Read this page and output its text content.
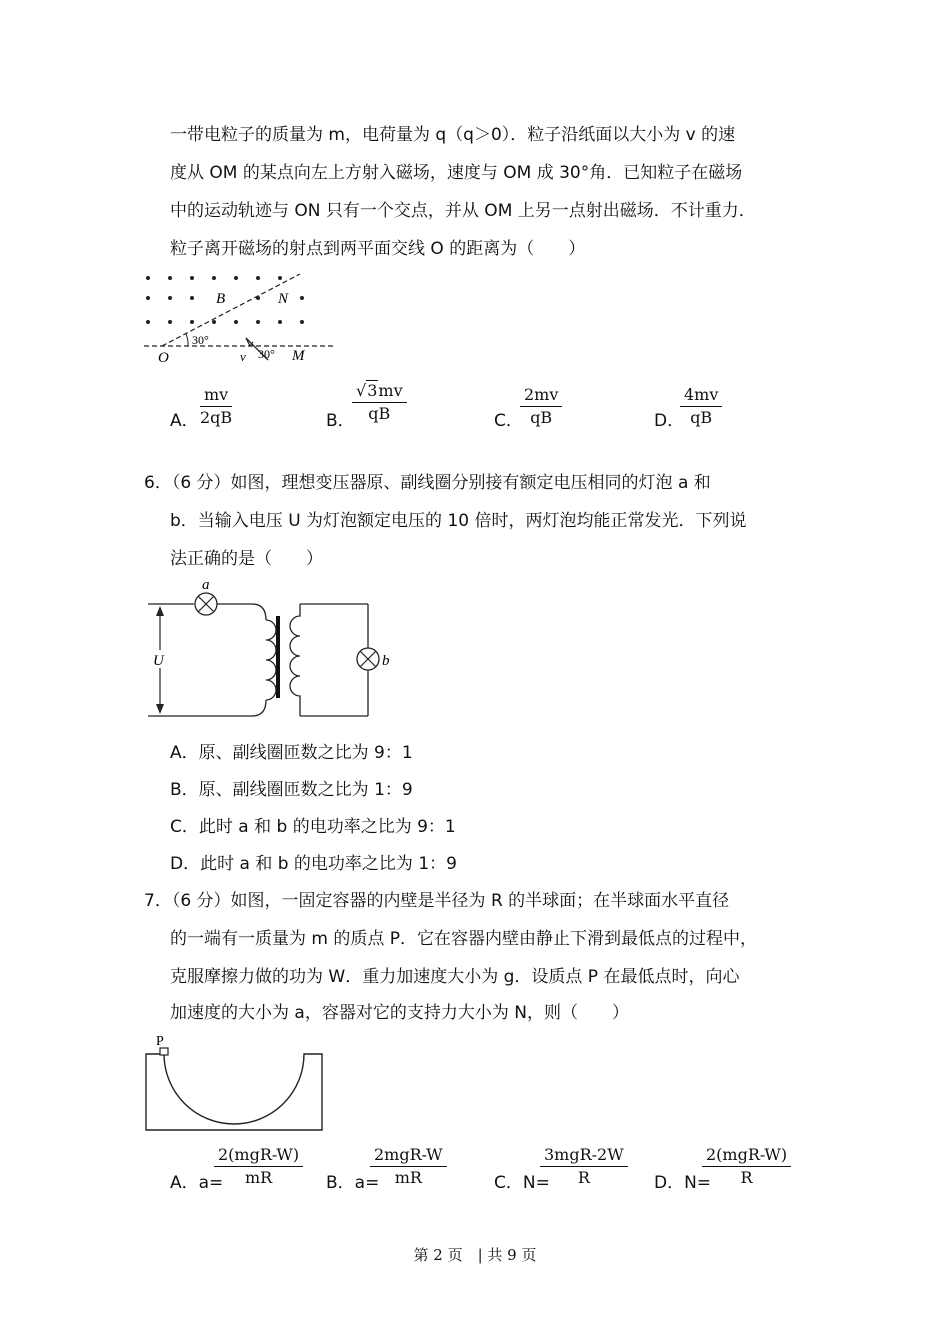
一带电粒子的质量为 m，电荷量为 q（q＞0）．粒子沿纸面以大小为 v 的速
度从 OM 的某点向左上方射入磁场，速度与 OM 成 30°角．已知粒子在磁场
中的运动轨迹与 ON 只有一个交点，并从 OM 上另一点射出磁场．不计重力．
粒子离开磁场的射点到两平面交线 O 的距离为（　　）
B	N
O	M
v
30°
30°
A．
$\frac{mv}{2qB}$	B．
$\frac{√3mv}{qB}$	C．
$\frac{2mv}{qB}$	D．
$\frac{4mv}{qB}$
6．（6 分）如图，理想变压器原、副线圈分别接有额定电压相同的灯泡 a 和
b．当输入电压 U 为灯泡额定电压的 10 倍时，两灯泡均能正常发光．下列说
法正确的是（　　）
a
b
U
A．原、副线圈匝数之比为 9：1
B．原、副线圈匝数之比为 1：9
C．此时 a 和 b 的电功率之比为 9：1
D．此时 a 和 b 的电功率之比为 1：9
7．（6 分）如图，一固定容器的内壁是半径为 R 的半球面；在半球面水平直径
的一端有一质量为 m 的质点 P．它在容器内壁由静止下滑到最低点的过程中，
克服摩擦力做的功为 W．重力加速度大小为 g．设质点 P 在最低点时，向心
加速度的大小为 a，容器对它的支持力大小为 N，则（　　）
P
A．a=
2(mgR-W)
mR	B．a=
2mgR-W
mR	C．N=
3mgR-2W
R	D．N=
2(mgR-W)
R
第 2 页　| 共 9 页
